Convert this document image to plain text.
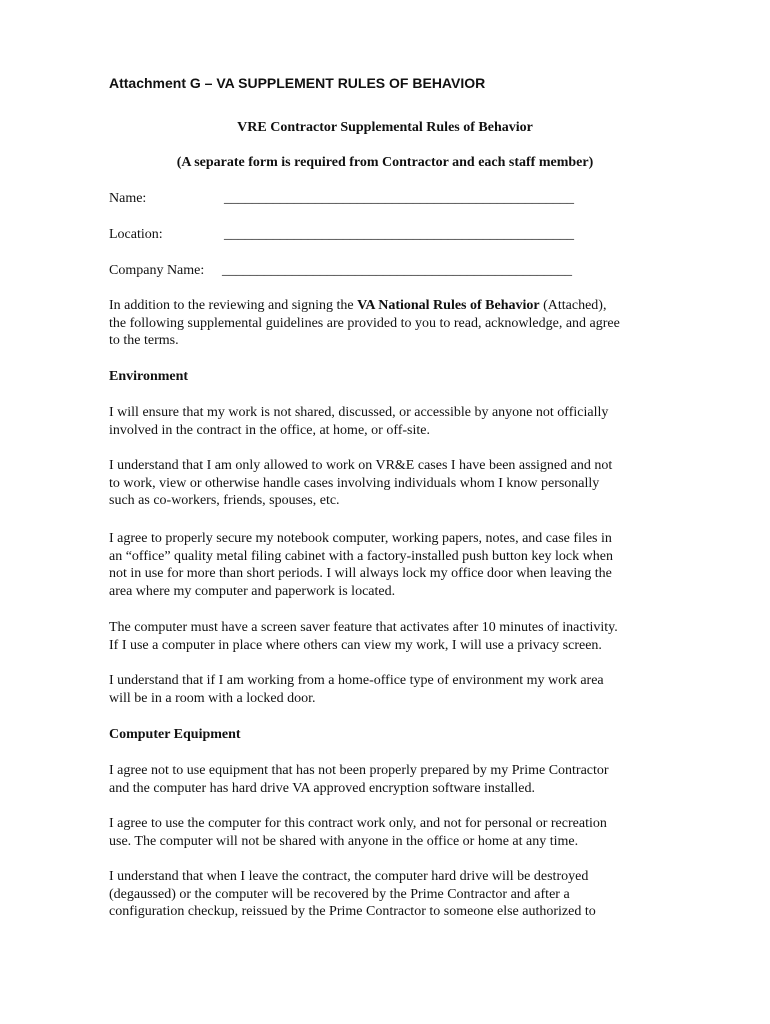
Attachment G – VA SUPPLEMENT RULES OF BEHAVIOR
VRE Contractor Supplemental Rules of Behavior
(A separate form is required from Contractor and each staff member)
Name:	__________________________________________________
Location:	__________________________________________________
Company Name: __________________________________________________
In addition to the reviewing and signing the VA National Rules of Behavior (Attached),
the following supplemental guidelines are provided to you to read, acknowledge, and agree
to the terms.
Environment
I will ensure that my work is not shared, discussed, or accessible by anyone not officially
involved in the contract in the office, at home, or off-site.
I understand that I am only allowed to work on VR&E cases I have been assigned and not
to work, view or otherwise handle cases involving individuals whom I know personally
such as co-workers, friends, spouses, etc.
I agree to properly secure my notebook computer, working papers, notes, and case files in
an “office” quality metal filing cabinet with a factory-installed push button key lock when
not in use for more than short periods. I will always lock my office door when leaving the
area where my computer and paperwork is located.
The computer must have a screen saver feature that activates after 10 minutes of inactivity.
If I use a computer in place where others can view my work, I will use a privacy screen.
I understand that if I am working from a home-office type of environment my work area
will be in a room with a locked door.
Computer Equipment
I agree not to use equipment that has not been properly prepared by my Prime Contractor
and the computer has hard drive VA approved encryption software installed.
I agree to use the computer for this contract work only, and not for personal or recreation
use. The computer will not be shared with anyone in the office or home at any time.
I understand that when I leave the contract, the computer hard drive will be destroyed
(degaussed) or the computer will be recovered by the Prime Contractor and after a
configuration checkup, reissued by the Prime Contractor to someone else authorized to
